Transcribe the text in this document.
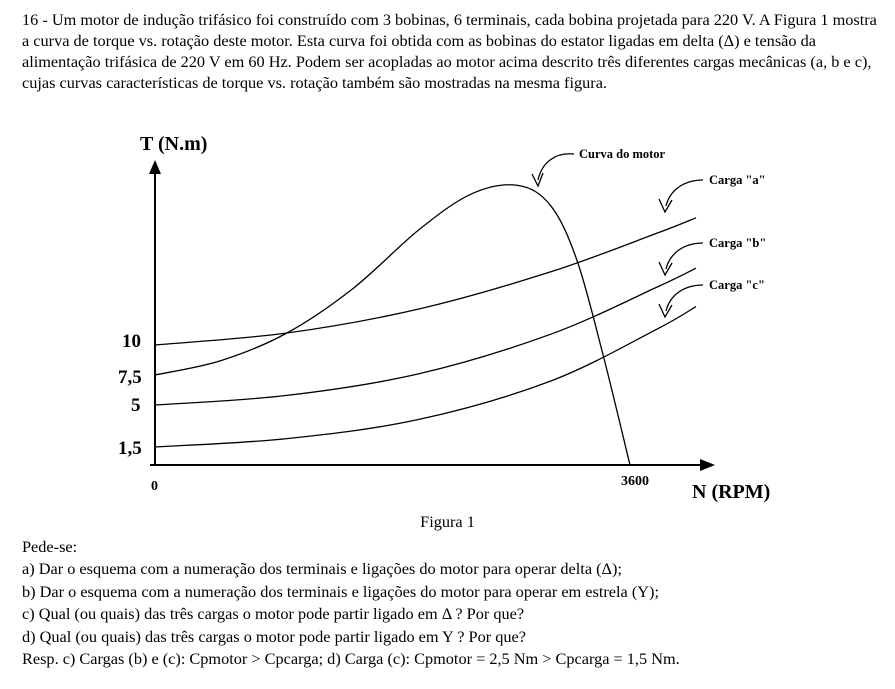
16 - Um motor de indução trifásico foi construído com 3 bobinas, 6 terminais, cada bobina projetada para 220 V. A Figura 1 mostra a curva de torque vs. rotação deste motor. Esta curva foi obtida com as bobinas do estator ligadas em delta (Δ) e tensão da alimentação trifásica de 220 V em 60 Hz. Podem ser acopladas ao motor acima descrito três diferentes cargas mecânicas (a, b e c), cujas curvas características de torque vs. rotação também são mostradas na mesma figura.

T (N.m)
N (RPM)
10
7,5
5
1,5
0	3600
Curva do motor
Carga "a"
Carga "b"
Carga "c"
Figura 1
Pede-se:
a) Dar o esquema com a numeração dos terminais e ligações do motor para operar delta (Δ);
b) Dar o esquema com a numeração dos terminais e ligações do motor para operar em estrela (Y);
c) Qual (ou quais) das três cargas o motor pode partir ligado em Δ ? Por que?
d) Qual (ou quais) das três cargas o motor pode partir ligado em Y ? Por que?
Resp. c) Cargas (b) e (c): Cpmotor > Cpcarga; d) Carga (c): Cpmotor = 2,5 Nm > Cpcarga = 1,5 Nm.
